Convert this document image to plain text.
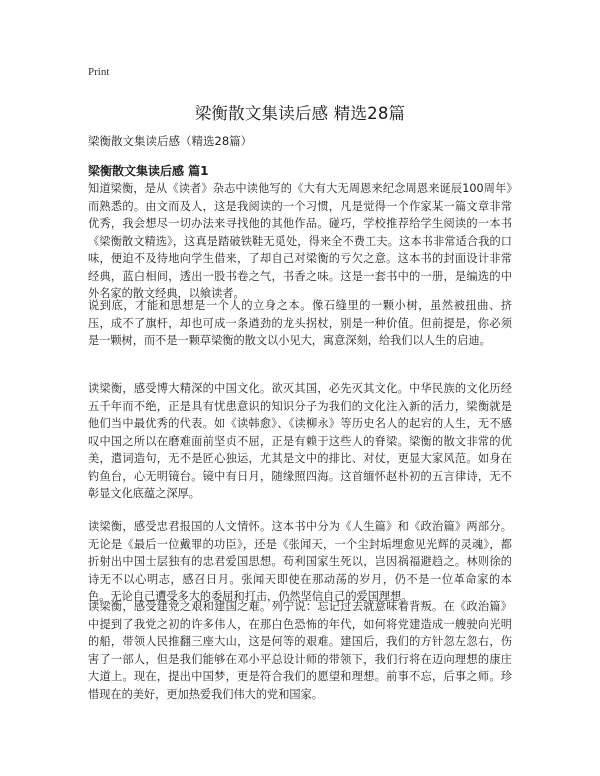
Print
梁衡散文集读后感 精选28篇
梁衡散文集读后感（精选28篇）
梁衡散文集读后感 篇1

知道梁衡，是从《读者》杂志中读他写的《大有大无周恩来纪念周恩来诞辰100周年》而熟悉的。由文而及人，这是我阅读的一个习惯，凡是觉得一个作家某一篇文章非常优秀，我会想尽一切办法来寻找他的其他作品。碰巧，学校推荐给学生阅读的一本书《梁衡散文精选》，这真是踏破铁鞋无觅处，得来全不费工夫。这本书非常适合我的口味，便迫不及待地向学生借来，了却自己对梁衡的亏欠之意。这本书的封面设计非常经典，蓝白相间，透出一股书卷之气，书香之味。这是一套书中的一册，是编选的中外名家的散文经典，以飨读者。

说到底，才能和思想是一个人的立身之本。像石缝里的一颗小树，虽然被扭曲、挤压，成不了旗杆，却也可成一条遒劲的龙头拐杖，别是一种价值。但前提是，你必须是一颗树，而不是一颗草梁衡的散文以小见大，寓意深刻，给我们以人生的启迪。

读梁衡，感受博大精深的中国文化。欲灭其国，必先灭其文化。中华民族的文化历经五千年而不绝，正是具有忧患意识的知识分子为我们的文化注入新的活力，梁衡就是他们当中最优秀的代表。如《读韩愈》、《读柳永》等历史名人的起宕的人生，无不感叹中国之所以在磨难面前坚贞不屈，正是有赖于这些人的脊梁。梁衡的散文非常的优美，遣词造句，无不是匠心独运，尤其是文中的排比、对仗，更显大家风范。如身在钓鱼台，心无明镜台。镜中有日月，随缘照四海。这首缅怀赵朴初的五言律诗，无不彰显文化底蕴之深厚。

读梁衡，感受忠君报国的人文情怀。这本书中分为《人生篇》和《政治篇》两部分。无论是《最后一位戴罪的功臣》，还是《张闻天，一个尘封垢埋愈见光辉的灵魂》，都折射出中国士层独有的忠君爱国思想。苟利国家生死以，岂因祸福避趋之。林则徐的诗无不以心明志，感召日月。张闻天即使在那动荡的岁月，仍不是一位革命家的本色。无论自己遭受多大的委屈和打击，仍然坚信自己的爱国理想。

读梁衡，感受建党之艰和建国之难。列宁说：忘记过去就意味着背叛。在《政治篇》中提到了我党之初的许多伟人，在那白色恐怖的年代，如何将党建造成一艘驶向光明的船，带领人民推翻三座大山，这是何等的艰难。建国后，我们的方针忽左忽右，伤害了一部人，但是我们能够在邓小平总设计师的带领下，我们行将在迈向理想的康庄大道上。现在，提出中国梦，更是符合我们的愿望和理想。前事不忘，后事之师。珍惜现在的美好，更加热爱我们伟大的党和国家。
